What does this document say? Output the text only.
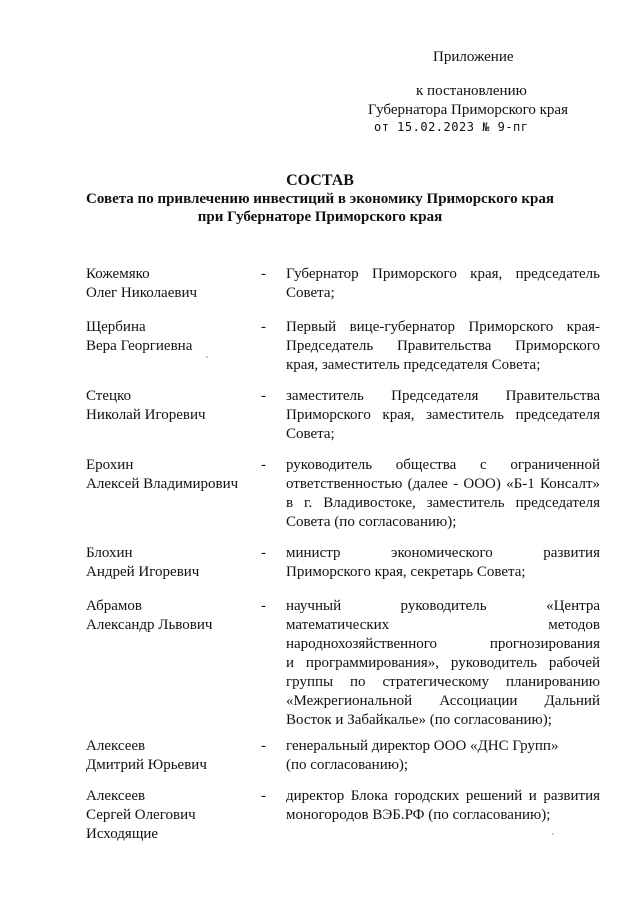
Приложение
к постановлению
Губернатора Приморского края
от 15.02.2023 № 9-пг
СОСТАВ
Совета по привлечению инвестиций в экономику Приморского края
при Губернаторе Приморского края
Кожемяко
Олег Николаевич
- Губернатор Приморского края, председатель
Совета;
Щербина
Вера Георгиевна
- Первый вице-губернатор Приморского края-
Председатель Правительства Приморского
края, заместитель председателя Совета;
Стецко
Николай Игоревич
- заместитель Председателя Правительства
Приморского края, заместитель председателя
Совета;
Ерохин
Алексей Владимирович
- руководитель общества с ограниченной
ответственностью (далее - ООО) «Б-1 Консалт»
в г. Владивостоке, заместитель председателя
Совета (по согласованию);
Блохин
Андрей Игоревич
- министр экономического развития
Приморского края, секретарь Совета;
Абрамов
Александр Львович
- научный руководитель «Центра
математических методов
народнохозяйственного прогнозирования
и программирования», руководитель рабочей
группы по стратегическому планированию
«Межрегиональной Ассоциации Дальний
Восток и Забайкалье» (по согласованию);
Алексеев
Дмитрий Юрьевич
- генеральный директор ООО «ДНС Групп»
(по согласованию);
Алексеев
Сергей Олегович
Исходящие
- директор Блока городских решений и развития
моногородов ВЭБ.РФ (по согласованию);
